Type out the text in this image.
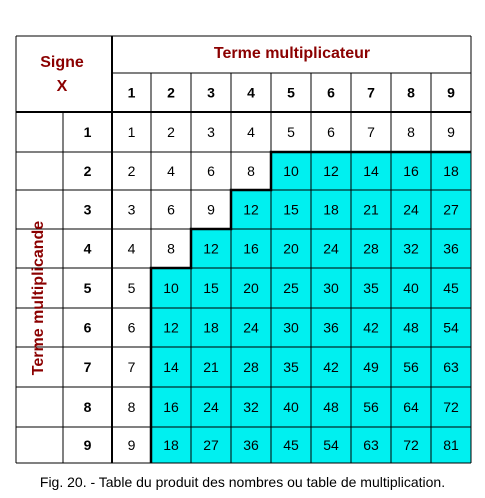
Signe
X
Terme multiplicateur
Terme multiplicande
1 2 3 4 5 6 7 8 9
1
2
3
4
5
6
7
8
9
1 2 3 4 5 6 7 8 9
2 4 6 8 10 12 14 16 18
3 6 9 12 15 18 21 24 27
4 8 12 16 20 24 28 32 36
5 10 15 20 25 30 35 40 45
6 12 18 24 30 36 42 48 54
7 14 21 28 35 42 49 56 63
8 16 24 32 40 48 56 64 72
9 18 27 36 45 54 63 72 81
Fig. 20. - Table du produit des nombres ou table de multiplication.
